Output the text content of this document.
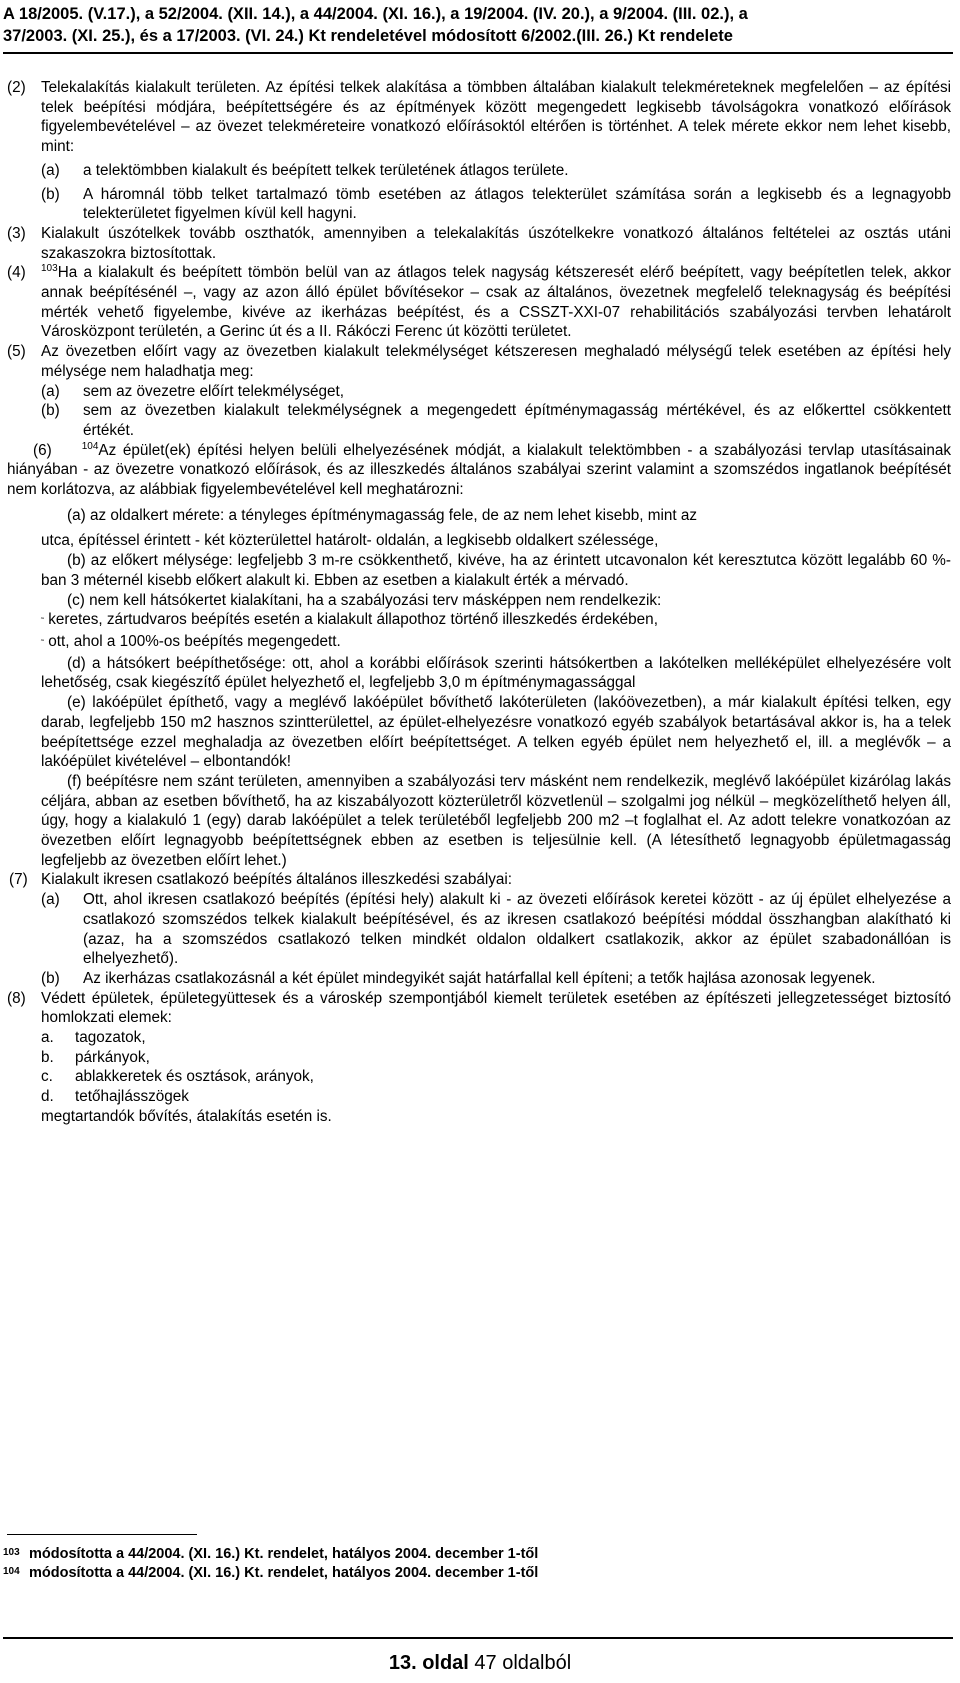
A 18/2005. (V.17.), a 52/2004. (XII. 14.), a 44/2004. (XI. 16.), a 19/2004. (IV. 20.), a 9/2004. (III. 02.), a
37/2003. (XI. 25.), és a 17/2003. (VI. 24.) Kt rendeletével módosított 6/2002.(III. 26.) Kt rendelete
(2) Telekalakítás kialakult területen. Az építési telkek alakítása a tömbben általában kialakult telekméreteknek megfelelően – az építési telek beépítési módjára, beépítettségére és az építmények között megengedett legkisebb távolságokra vonatkozó előírások figyelembevételével – az övezet telekméreteire vonatkozó előírásoktól eltérően is történhet. A telek mérete ekkor nem lehet kisebb, mint:

(a) a telektömbben kialakult és beépített telkek területének átlagos területe.

(b) A háromnál több telket tartalmazó tömb esetében az átlagos telekterület számítása során a legkisebb és a legnagyobb telekterületet figyelmen kívül kell hagyni.

(3) Kialakult úszótelkek tovább oszthatók, amennyiben a telekalakítás úszótelkekre vonatkozó általános feltételei az osztás utáni szakaszokra biztosítottak.

(4) $^{103}$Ha a kialakult és beépített tömbön belül van az átlagos telek nagyság kétszeresét elérő beépített, vagy beépítetlen telek, akkor annak beépítésénél –, vagy az azon álló épület bővítésekor – csak az általános, övezetnek megfelelő teleknagyság és beépítési mérték vehető figyelembe, kivéve az ikerházas beépítést, és a CSSZT-XXI-07 rehabilitációs szabályozási tervben lehatárolt Városközpont területén, a Gerinc út és a II. Rákóczi Ferenc út közötti területet.

(5) Az övezetben előírt vagy az övezetben kialakult telekmélységet kétszeresen meghaladó mélységű telek esetében az építési hely mélysége nem haladhatja meg:

(a) sem az övezetre előírt telekmélységet,

(b) sem az övezetben kialakult telekmélységnek a megengedett építménymagasság mértékével, és az előkerttel csökkentett értékét.

(6)	$^{104}$Az épület(ek) építési helyen belüli elhelyezésének módját, a kialakult telektömbben - a szabályozási tervlap utasításainak hiányában - az övezetre vonatkozó előírások, és az illeszkedés általános szabályai szerint valamint a szomszédos ingatlanok beépítését nem korlátozva, az alábbiak figyelembevételével kell meghatározni:

(a) az oldalkert mérete: a tényleges építménymagasság fele, de az nem lehet kisebb, mint az

utca, építéssel érintett - két közterülettel határolt- oldalán, a legkisebb oldalkert szélessége,

(b) az előkert mélysége: legfeljebb 3 m-re csökkenthető, kivéve, ha az érintett utcavonalon két keresztutca között legalább 60 %-ban 3 méternél kisebb előkert alakult ki. Ebben az esetben a kialakult érték a mérvadó.

(c) nem kell hátsókertet kialakítani, ha a szabályozási terv másképpen nem rendelkezik:

˜ keretes, zártudvaros beépítés esetén a kialakult állapothoz történő illeszkedés érdekében,

˜ ott, ahol a 100%-os beépítés megengedett.

(d) a hátsókert beépíthetősége: ott, ahol a korábbi előírások szerinti hátsókertben a lakótelken melléképület elhelyezésére volt lehetőség, csak kiegészítő épület helyezhető el, legfeljebb 3,0 m építménymagassággal

(e) lakóépület építhető, vagy a meglévő lakóépület bővíthető lakóterületen (lakóövezetben), a már kialakult építési telken, egy darab, legfeljebb 150 m2 hasznos szintterülettel, az épület-elhelyezésre vonatkozó egyéb szabályok betartásával akkor is, ha a telek beépítettsége ezzel meghaladja az övezetben előírt beépítettséget. A telken egyéb épület nem helyezhető el, ill. a meglévők – a lakóépület kivételével – elbontandók!

(f) beépítésre nem szánt területen, amennyiben a szabályozási terv másként nem rendelkezik, meglévő lakóépület kizárólag lakás céljára, abban az esetben bővíthető, ha az kiszabályozott közterületről közvetlenül – szolgalmi jog nélkül – megközelíthető helyen áll, úgy, hogy a kialakuló 1 (egy) darab lakóépület a telek területéből legfeljebb 200 m2 –t foglalhat el. Az adott telekre vonatkozóan az övezetben előírt legnagyobb beépítettségnek ebben az esetben is teljesülnie kell. (A létesíthető legnagyobb épületmagasság legfeljebb az övezetben előírt lehet.)

(7) Kialakult ikresen csatlakozó beépítés általános illeszkedési szabályai:

(a) Ott, ahol ikresen csatlakozó beépítés (építési hely) alakult ki - az övezeti előírások keretei között - az új épület elhelyezése a csatlakozó szomszédos telkek kialakult beépítésével, és az ikresen csatlakozó beépítési móddal összhangban alakítható ki (azaz, ha a szomszédos csatlakozó telken mindkét oldalon oldalkert csatlakozik, akkor az épület szabadonállóan is elhelyezhető).

(b) Az ikerházas csatlakozásnál a két épület mindegyikét saját határfallal kell építeni; a tetők hajlása azonosak legyenek.

(8) Védett épületek, épületegyüttesek és a városkép szempontjából kiemelt területek esetében az építészeti jellegzetességet biztosító homlokzati elemek:

a. tagozatok,

b. párkányok,

c. ablakkeretek és osztások, arányok,

d. tetőhajlásszögek

megtartandók bővítés, átalakítás esetén is.

103 módosította a 44/2004. (XI. 16.) Kt. rendelet, hatályos 2004. december 1-től
104 módosította a 44/2004. (XI. 16.) Kt. rendelet, hatályos 2004. december 1-től
13. oldal 47 oldalból
